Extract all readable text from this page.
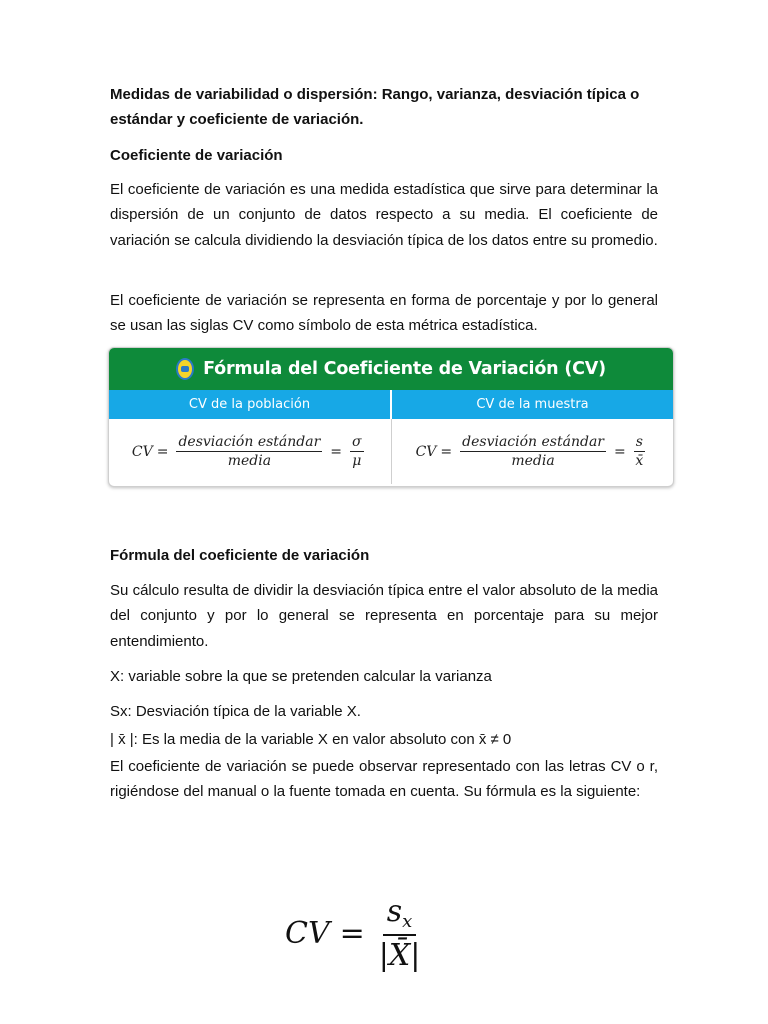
Medidas de variabilidad o dispersión: Rango, varianza, desviación típica o estándar y coeficiente de variación.

Coeficiente de variación

El coeficiente de variación es una medida estadística que sirve para determinar la dispersión de un conjunto de datos respecto a su media. El coeficiente de variación se calcula dividiendo la desviación típica de los datos entre su promedio.

El coeficiente de variación se representa en forma de porcentaje y por lo general se usan las siglas CV como símbolo de esta métrica estadística.

Fórmula del Coeficiente de Variación (CV)
CV de la población	CV de la muestra
CV = $\frac{\text{desviación estándar}}{\text{media}} = \frac{\sigma}{\mu}$	CV = $\frac{\text{desviación estándar}}{\text{media}} = \frac{s}{x̄}$

Fórmula del coeficiente de variación

Su cálculo resulta de dividir la desviación típica entre el valor absoluto de la media del conjunto y por lo general se representa en porcentaje para su mejor entendimiento.

X: variable sobre la que se pretenden calcular la varianza

Sx: Desviación típica de la variable X.

| x̄ |: Es la media de la variable X en valor absoluto con x̄ ≠ 0

El coeficiente de variación se puede observar representado con las letras CV o r, rigiéndose del manual o la fuente tomada en cuenta. Su fórmula es la siguiente:

CV = $\frac{s_x}{|X̄|}$
